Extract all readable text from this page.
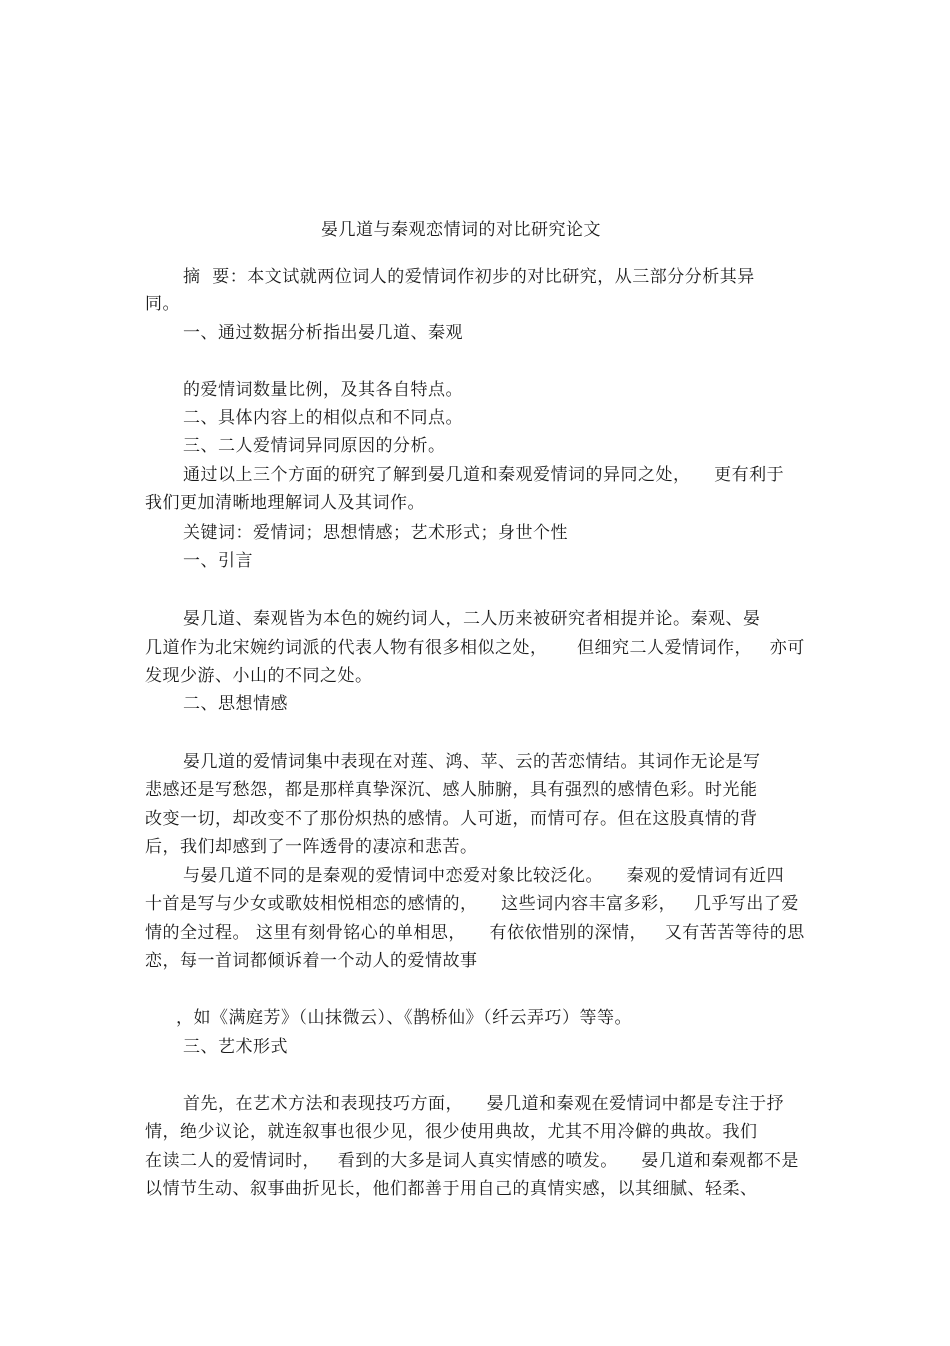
晏几道与秦观恋情词的对比研究论文
摘  要：本文试就两位词人的爱情词作初步的对比研究，从三部分分析其异
同。
一、通过数据分析指出晏几道、秦观
的爱情词数量比例，及其各自特点。
二、具体内容上的相似点和不同点。
三、二人爱情词异同原因的分析。
通过以上三个方面的研究了解到晏几道和秦观爱情词的异同之处，    更有利于
我们更加清晰地理解词人及其词作。
关键词：爱情词；思想情感；艺术形式；身世个性
一、引言
晏几道、秦观皆为本色的婉约词人，二人历来被研究者相提并论。秦观、晏
几道作为北宋婉约词派的代表人物有很多相似之处，     但细究二人爱情词作，   亦可
发现少游、小山的不同之处。
二、思想情感
晏几道的爱情词集中表现在对莲、鸿、苹、云的苦恋情结。其词作无论是写
悲感还是写愁怨，都是那样真挚深沉、感人肺腑，具有强烈的感情色彩。时光能
改变一切，却改变不了那份炽热的感情。人可逝，而情可存。但在这股真情的背
后，我们却感到了一阵透骨的凄凉和悲苦。
与晏几道不同的是秦观的爱情词中恋爱对象比较泛化。    秦观的爱情词有近四
十首是写与少女或歌妓相悦相恋的感情的，    这些词内容丰富多彩，   几乎写出了爱
情的全过程。 这里有刻骨铭心的单相思，    有依依惜别的深情，   又有苦苦等待的思
恋，每一首词都倾诉着一个动人的爱情故事
，如《满庭芳》（山抹微云）、《鹊桥仙》（纤云弄巧）等等。
三、艺术形式
首先，在艺术方法和表现技巧方面，    晏几道和秦观在爱情词中都是专注于抒
情，绝少议论，就连叙事也很少见，很少使用典故，尤其不用冷僻的典故。我们
在读二人的爱情词时，   看到的大多是词人真实情感的喷发。    晏几道和秦观都不是
以情节生动、叙事曲折见长，他们都善于用自己的真情实感，以其细腻、轻柔、
